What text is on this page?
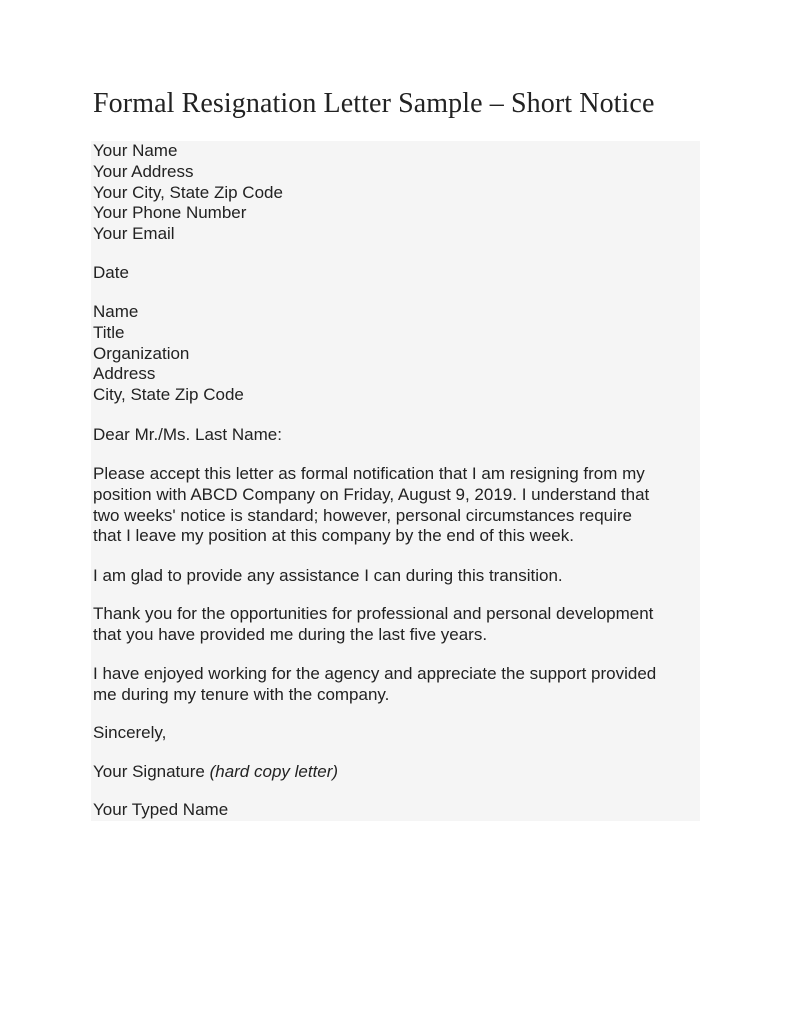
Formal Resignation Letter Sample – Short Notice
Your Name
Your Address
Your City, State Zip Code
Your Phone Number
Your Email
Date
Name
Title
Organization
Address
City, State Zip Code
Dear Mr./Ms. Last Name:
Please accept this letter as formal notification that I am resigning from my
position with ABCD Company on Friday, August 9, 2019. I understand that
two weeks' notice is standard; however, personal circumstances require
that I leave my position at this company by the end of this week.
I am glad to provide any assistance I can during this transition.
Thank you for the opportunities for professional and personal development
that you have provided me during the last five years.
I have enjoyed working for the agency and appreciate the support provided
me during my tenure with the company.
Sincerely,
Your Signature (hard copy letter)
Your Typed Name
